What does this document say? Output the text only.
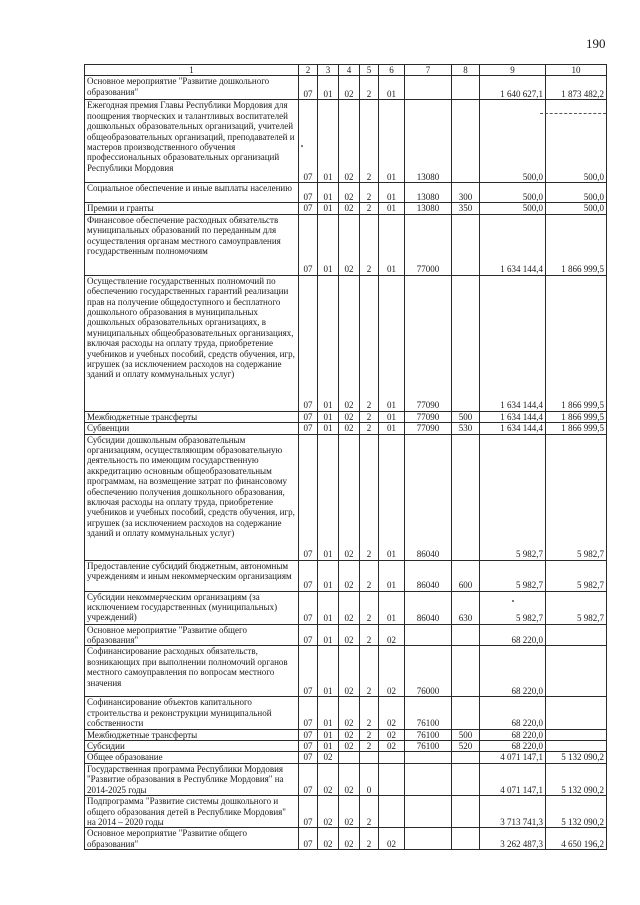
190
1	2	3	4	5	6	7	8	9	10
Основное мероприятие "Развитие дошкольного образования"	07	01	02	2	01			1 640 627,1	1 873 482,2
Ежегодная премия Главы Республики Мордовия для поощрения творческих и талантливых воспитателей дошкольных образовательных организаций, учителей общеобразовательных организаций, преподавателей и мастеров производственного обучения профессиональных образовательных организаций Республики Мордовия	07	01	02	2	01	13080		500,0	500,0
Социальное обеспечение и иные выплаты населению	07	01	02	2	01	13080	300	500,0	500,0
Премии и гранты	07	01	02	2	01	13080	350	500,0	500,0
Финансовое обеспечение расходных обязательств муниципальных образований по переданным для осуществления органам местного самоуправления государственным полномочиям	07	01	02	2	01	77000		1 634 144,4	1 866 999,5
Осуществление государственных полномочий по обеспечению государственных гарантий реализации прав на получение общедоступного и бесплатного дошкольного образования в муниципальных дошкольных образовательных организациях, в муниципальных общеобразовательных организациях, включая расходы на оплату труда, приобретение учебников и учебных пособий, средств обучения, игр, игрушек (за исключением расходов на содержание зданий и оплату коммунальных услуг)	07	01	02	2	01	77090		1 634 144,4	1 866 999,5
Межбюджетные трансферты	07	01	02	2	01	77090	500	1 634 144,4	1 866 999,5
Субвенции	07	01	02	2	01	77090	530	1 634 144,4	1 866 999,5
Субсидии дошкольным образовательным организациям, осуществляющим образовательную деятельность по имеющим государственную аккредитацию основным общеобразовательным программам, на возмещение затрат по финансовому обеспечению получения дошкольного образования, включая расходы на оплату труда, приобретение учебников и учебных пособий, средств обучения, игр, игрушек (за исключением расходов на содержание зданий и оплату коммунальных услуг)	07	01	02	2	01	86040		5 982,7	5 982,7
Предоставление субсидий бюджетным, автономным учреждениям и иным некоммерческим организациям	07	01	02	2	01	86040	600	5 982,7	5 982,7
Субсидии некоммерческим организациям (за исключением государственных (муниципальных) учреждений)	07	01	02	2	01	86040	630	5 982,7	5 982,7
Основное мероприятие "Развитие общего образования"	07	01	02	2	02			68 220,0	
Софинансирование расходных обязательств, возникающих при выполнении полномочий органов местного самоуправления по вопросам местного значения	07	01	02	2	02	76000		68 220,0	
Софинансирование объектов капитального строительства и реконструкции муниципальной собственности	07	01	02	2	02	76100		68 220,0	
Межбюджетные трансферты	07	01	02	2	02	76100	500	68 220,0	
Субсидии	07	01	02	2	02	76100	520	68 220,0	
Общее образование	07	02						4 071 147,1	5 132 090,2
Государственная программа Республики Мордовия "Развитие образования в Республике Мордовия" на 2014-2025 годы	07	02	02	0				4 071 147,1	5 132 090,2
Подпрограмма "Развитие системы дошкольного и общего образования детей в Республике Мордовия" на 2014 – 2020 годы	07	02	02	2				3 713 741,3	5 132 090,2
Основное мероприятие "Развитие общего образования"	07	02	02	2	02			3 262 487,3	4 650 196,2
